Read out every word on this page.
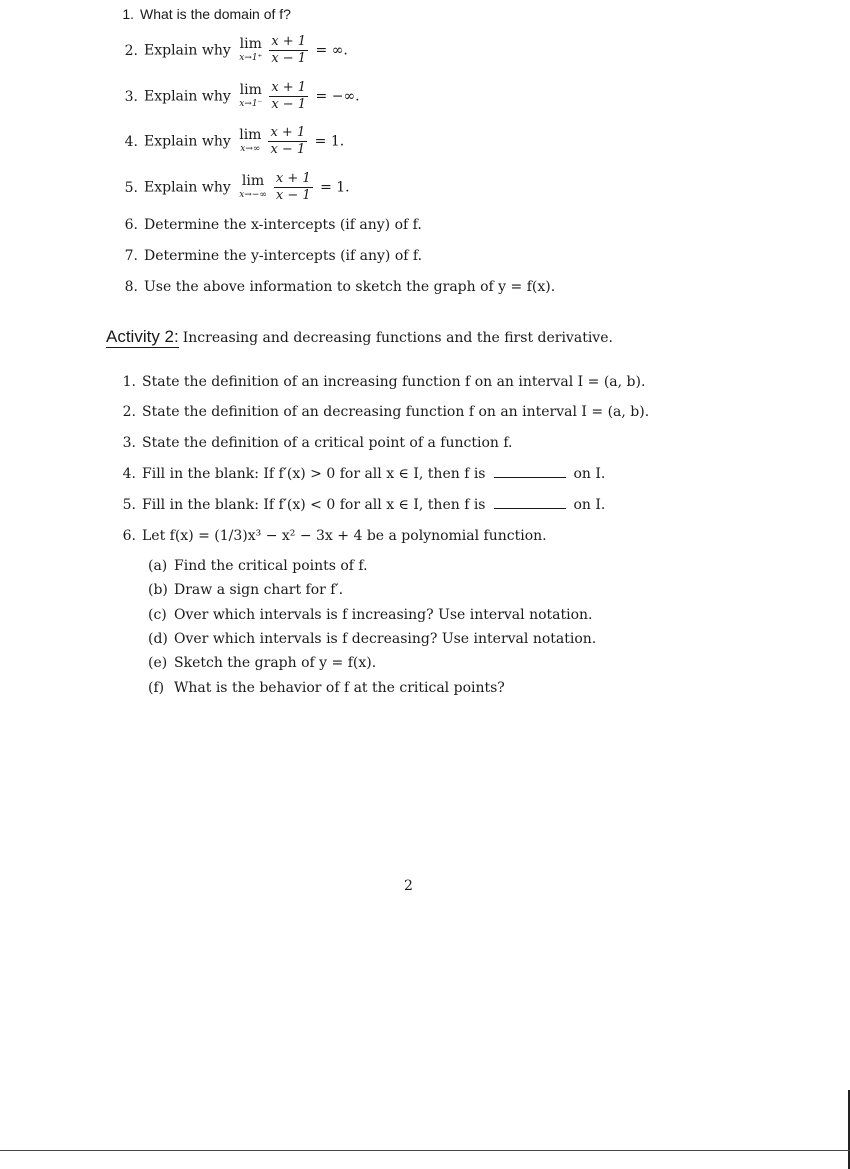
1. What is the domain of f?
2. Explain why lim
$x\to 1^+ \frac{x + 1}{x - 1}$ = ∞.
3. Explain why lim
$x\to 1^- \frac{x + 1}{x - 1}$ = −∞.
4. Explain why lim
$x\to\infty \frac{x + 1}{x - 1} = 1$.
5. Explain why lim
$x\to-\infty \frac{x + 1}{x - 1} = 1$.
6. Determine the x-intercepts (if any) of f.
7. Determine the y-intercepts (if any) of f.
8. Use the above information to sketch the graph of y = f(x).
Activity 2: Increasing and decreasing functions and the first derivative.
1. State the definition of an increasing function f on an interval I = (a, b).
2. State the definition of an decreasing function f on an interval I = (a, b).
3. State the definition of a critical point of a function f.
4. Fill in the blank: If f′(x) > 0 for all x ∈ I, then f is	on I.
5. Fill in the blank: If f′(x) < 0 for all x ∈ I, then f is	on I.
6. Let f(x) = (1/3)x³ − x² − 3x + 4 be a polynomial function.
(a) Find the critical points of f.
(b) Draw a sign chart for f′.
(c) Over which intervals is f increasing? Use interval notation.
(d) Over which intervals is f decreasing? Use interval notation.
(e) Sketch the graph of y = f(x).
(f) What is the behavior of f at the critical points?
2
